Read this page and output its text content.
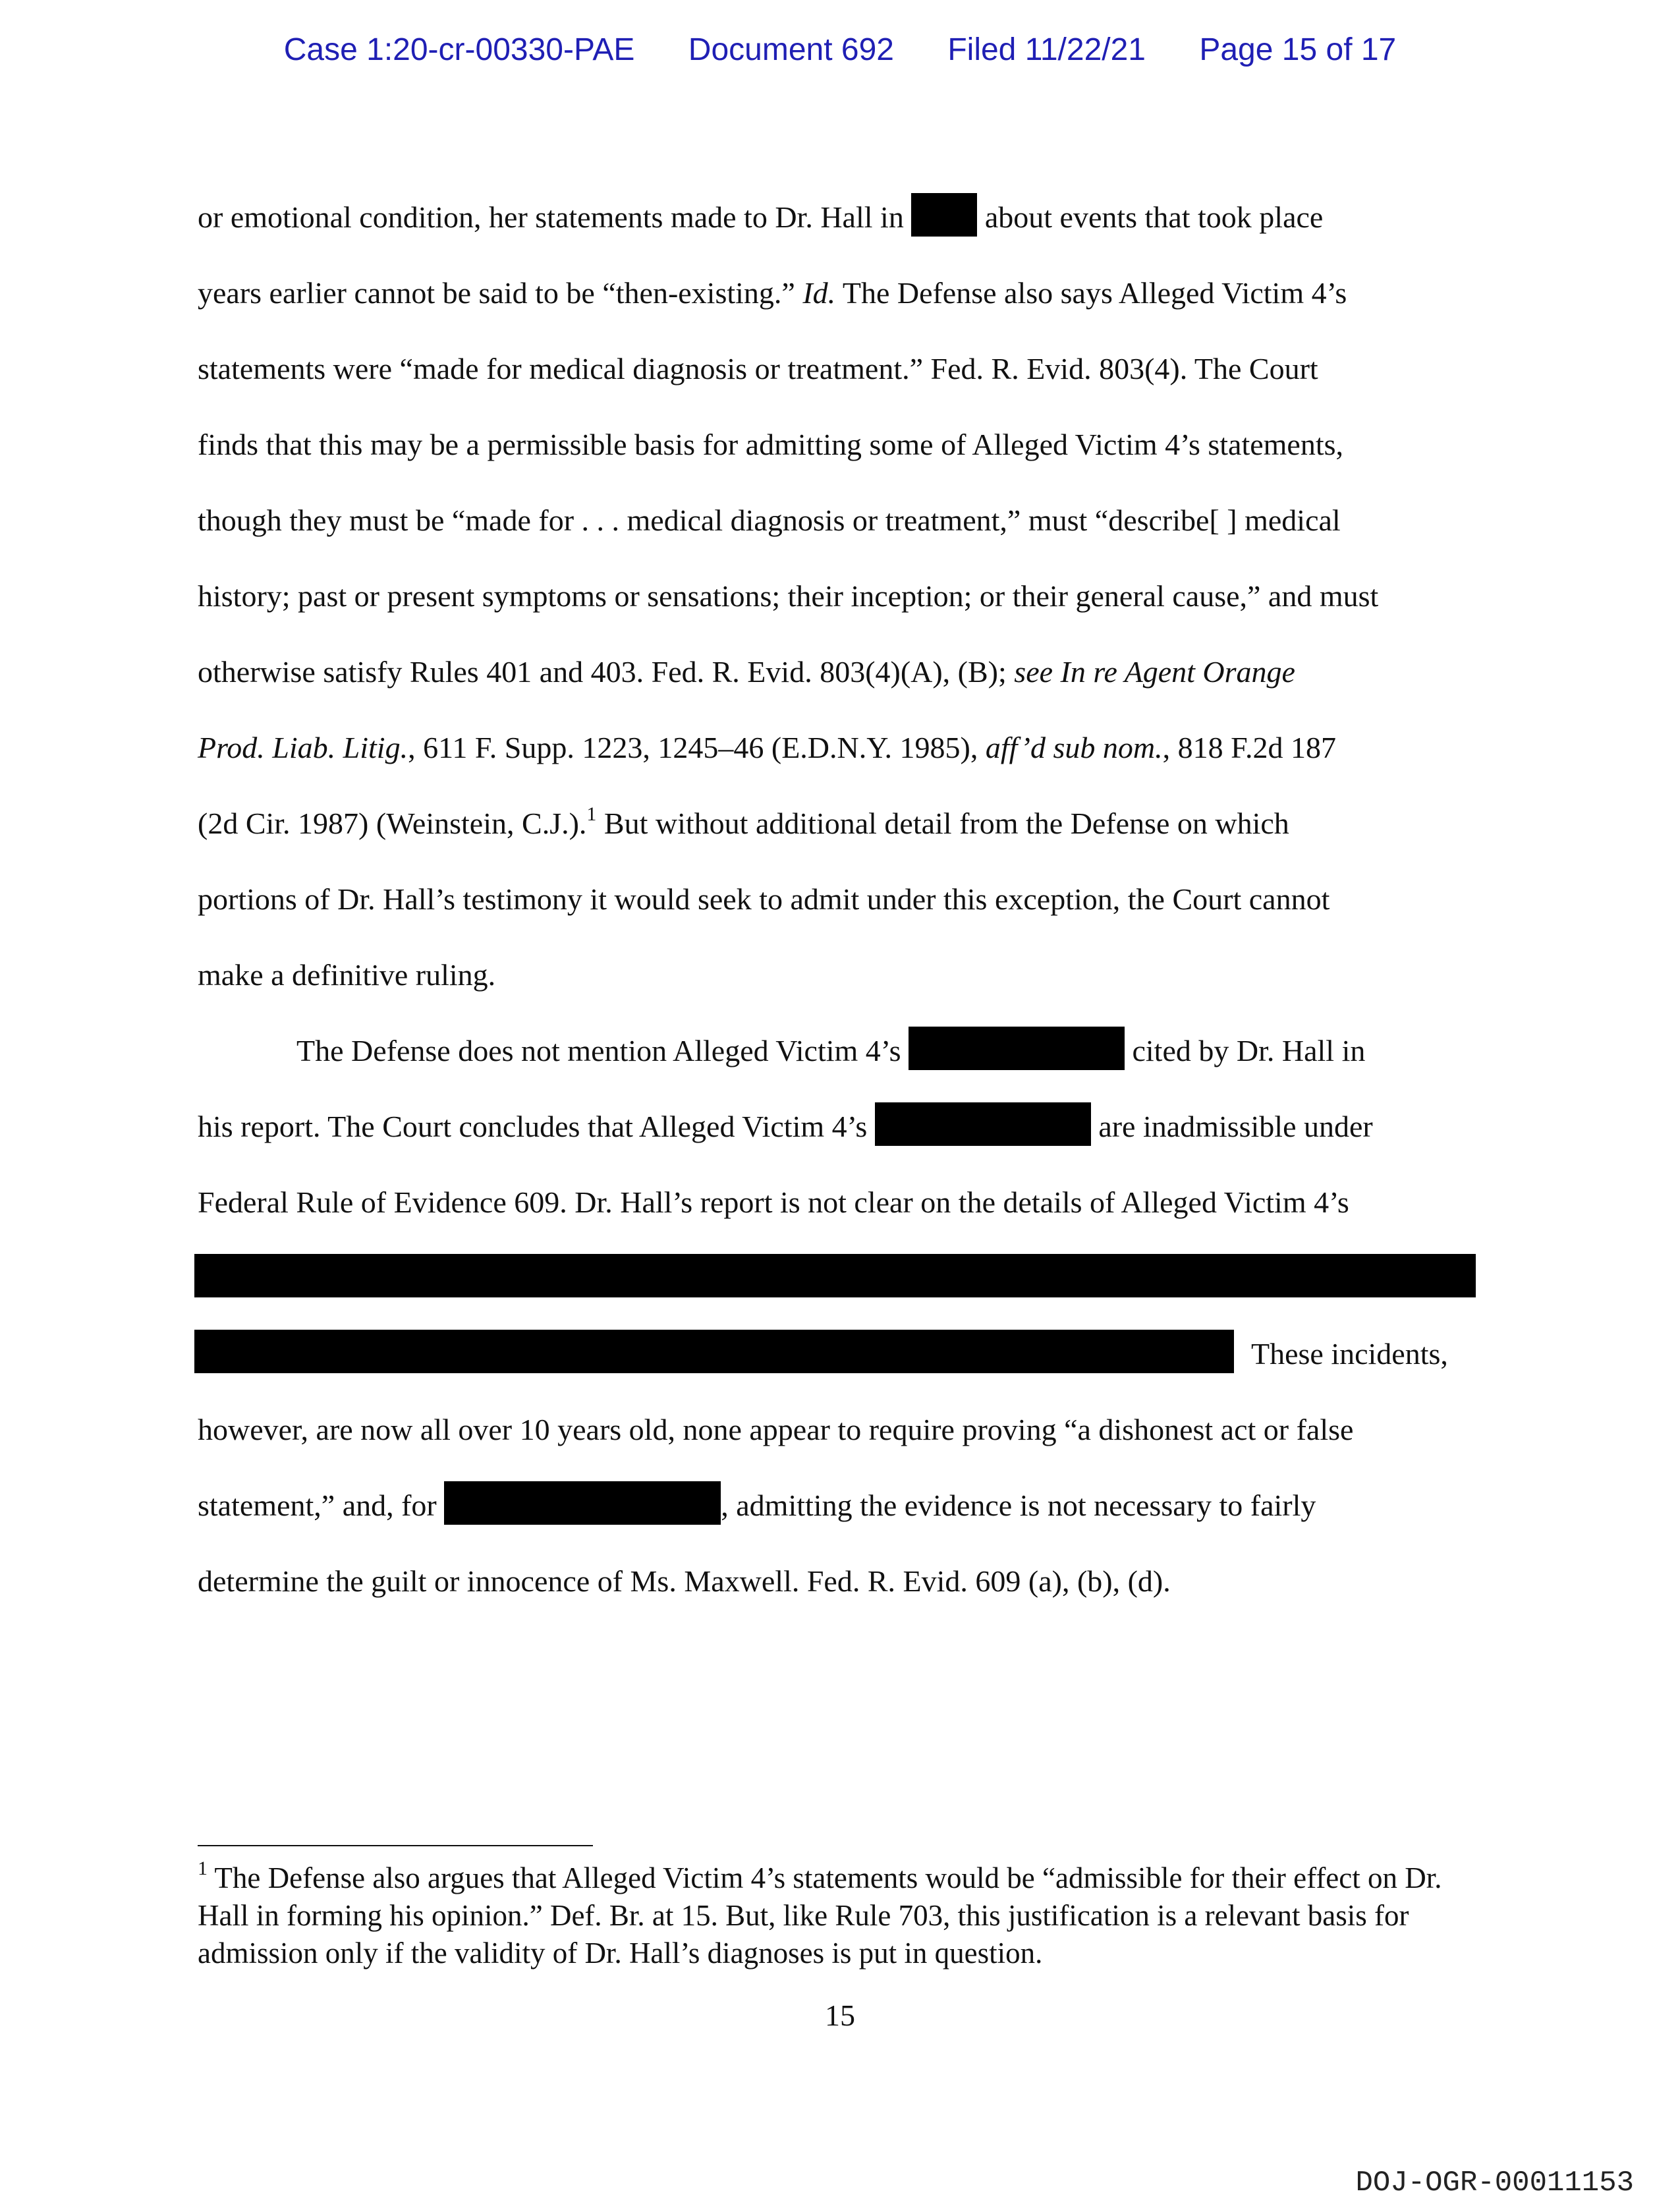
Case 1:20-cr-00330-PAE Document 692 Filed 11/22/21 Page 15 of 17
or emotional condition, her statements made to Dr. Hall in  about events that took place
years earlier cannot be said to be “then-existing.” Id. The Defense also says Alleged Victim 4’s
statements were “made for medical diagnosis or treatment.” Fed. R. Evid. 803(4). The Court
finds that this may be a permissible basis for admitting some of Alleged Victim 4’s statements,
though they must be “made for . . . medical diagnosis or treatment,” must “describe[ ] medical
history; past or present symptoms or sensations; their inception; or their general cause,” and must
otherwise satisfy Rules 401 and 403. Fed. R. Evid. 803(4)(A), (B); see In re Agent Orange
Prod. Liab. Litig., 611 F. Supp. 1223, 1245–46 (E.D.N.Y. 1985), aff’d sub nom., 818 F.2d 187
(2d Cir. 1987) (Weinstein, C.J.).$^1$ But without additional detail from the Defense on which
portions of Dr. Hall’s testimony it would seek to admit under this exception, the Court cannot
make a definitive ruling.
The Defense does not mention Alleged Victim 4’s	cited by Dr. Hall in
his report. The Court concludes that Alleged Victim 4’s	are inadmissible under
Federal Rule of Evidence 609. Dr. Hall’s report is not clear on the details of Alleged Victim 4’s
These incidents,
however, are now all over 10 years old, none appear to require proving “a dishonest act or false
statement,” and, for	, admitting the evidence is not necessary to fairly
determine the guilt or innocence of Ms. Maxwell. Fed. R. Evid. 609 (a), (b), (d).
$^1$ The Defense also argues that Alleged Victim 4’s statements would be “admissible for their effect on Dr. Hall in forming his opinion.” Def. Br. at 15. But, like Rule 703, this justification is a relevant basis for admission only if the validity of Dr. Hall’s diagnoses is put in question.
15
DOJ-OGR-00011153
